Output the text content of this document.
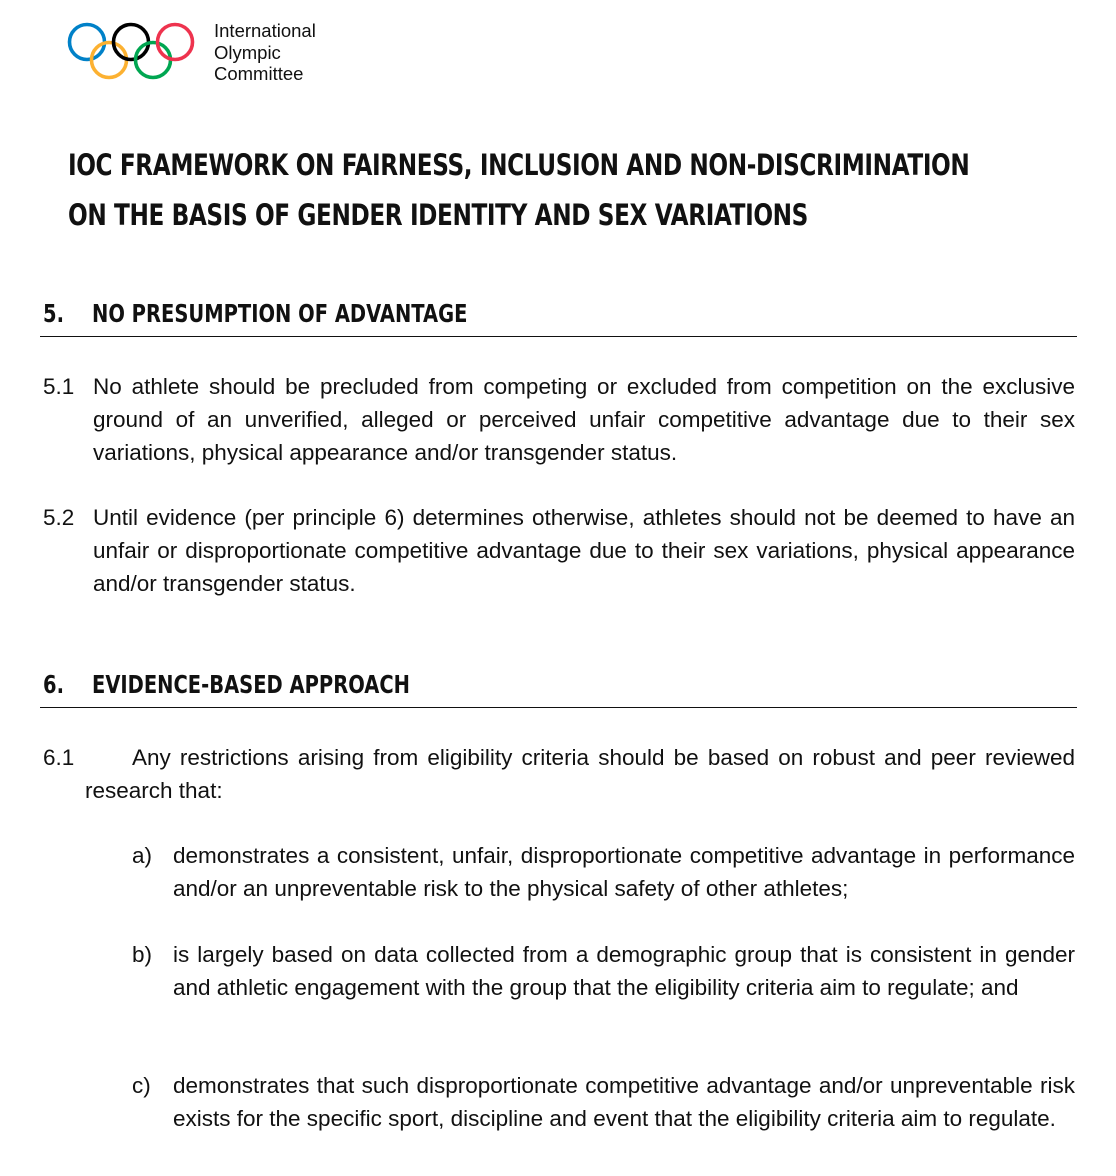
International
Olympic
Committee
IOC FRAMEWORK ON FAIRNESS, INCLUSION AND NON-DISCRIMINATION
ON THE BASIS OF GENDER IDENTITY AND SEX VARIATIONS
5. NO PRESUMPTION OF ADVANTAGE
5.1 No athlete should be precluded from competing or excluded from competition on the exclusive ground of an unverified, alleged or perceived unfair competitive advantage due to their sex variations, physical appearance and/or transgender status.
5.2 Until evidence (per principle 6) determines otherwise, athletes should not be deemed to have an unfair or disproportionate competitive advantage due to their sex variations, physical appearance and/or transgender status.
6. EVIDENCE-BASED APPROACH
6.1	Any restrictions arising from eligibility criteria should be based on robust and peer reviewed research that:
a) demonstrates a consistent, unfair, disproportionate competitive advantage in performance and/or an unpreventable risk to the physical safety of other athletes;
b) is largely based on data collected from a demographic group that is consistent in gender and athletic engagement with the group that the eligibility criteria aim to regulate; and
c) demonstrates that such disproportionate competitive advantage and/or unpreventable risk exists for the specific sport, discipline and event that the eligibility criteria aim to regulate.
